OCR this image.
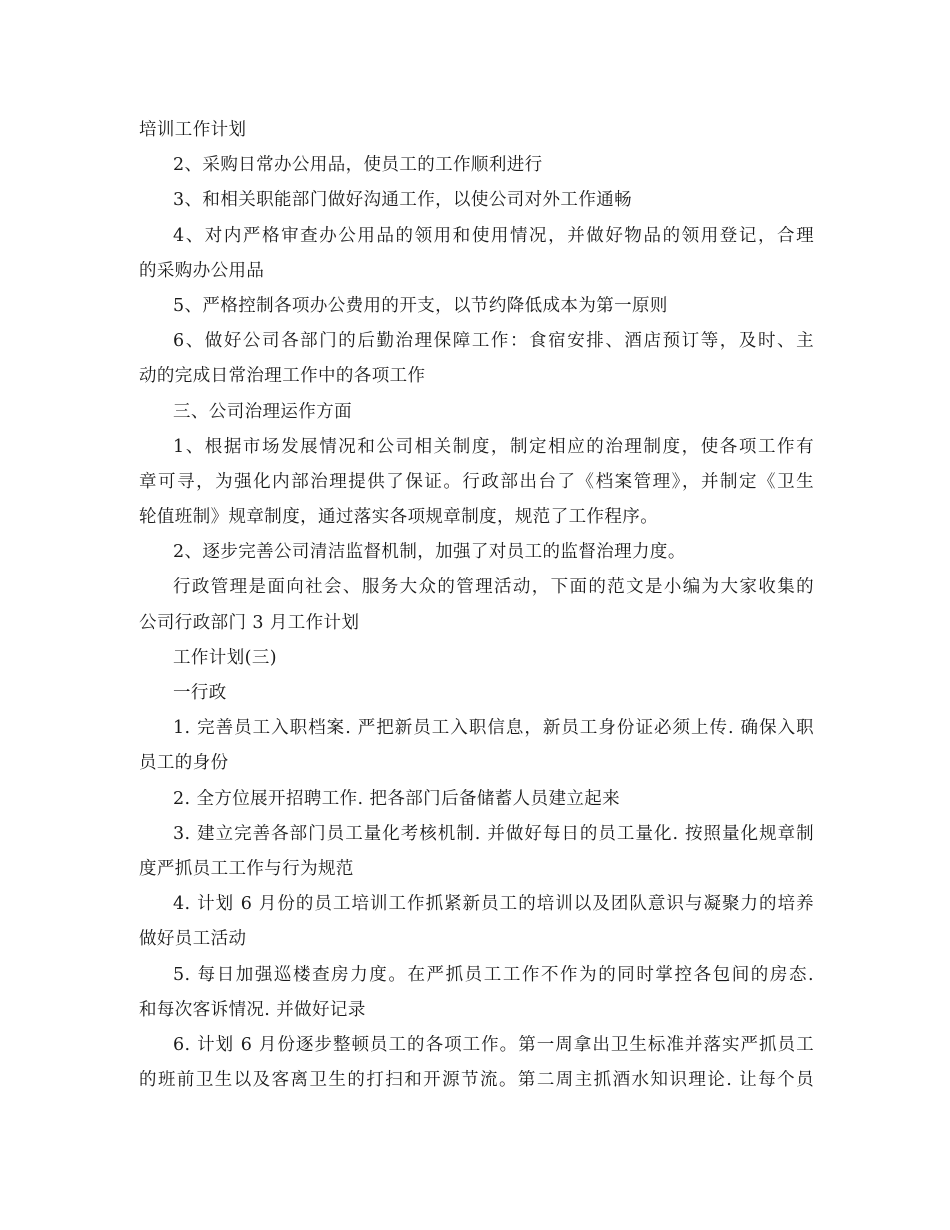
培训工作计划
2、采购日常办公用品，使员工的工作顺利进行
3、和相关职能部门做好沟通工作，以使公司对外工作通畅
4、对内严格审查办公用品的领用和使用情况，并做好物品的领用登记，合理
的采购办公用品
5、严格控制各项办公费用的开支，以节约降低成本为第一原则
6、做好公司各部门的后勤治理保障工作：食宿安排、酒店预订等，及时、主
动的完成日常治理工作中的各项工作
三、公司治理运作方面
1、根据市场发展情况和公司相关制度，制定相应的治理制度，使各项工作有
章可寻，为强化内部治理提供了保证。行政部出台了《档案管理》，并制定《卫生
轮值班制》规章制度，通过落实各项规章制度，规范了工作程序。
2、逐步完善公司清洁监督机制，加强了对员工的监督治理力度。
行政管理是面向社会、服务大众的管理活动，下面的范文是小编为大家收集的
公司行政部门 3 月工作计划
工作计划(三)
一行政
1. 完善员工入职档案. 严把新员工入职信息，新员工身份证必须上传. 确保入职
员工的身份
2. 全方位展开招聘工作. 把各部门后备储蓄人员建立起来
3. 建立完善各部门员工量化考核机制. 并做好每日的员工量化. 按照量化规章制
度严抓员工工作与行为规范
4. 计划 6 月份的员工培训工作抓紧新员工的培训以及团队意识与凝聚力的培养
做好员工活动
5. 每日加强巡楼查房力度。在严抓员工工作不作为的同时掌控各包间的房态.
和每次客诉情况. 并做好记录
6. 计划 6 月份逐步整顿员工的各项工作。第一周拿出卫生标准并落实严抓员工
的班前卫生以及客离卫生的打扫和开源节流。第二周主抓酒水知识理论. 让每个员
